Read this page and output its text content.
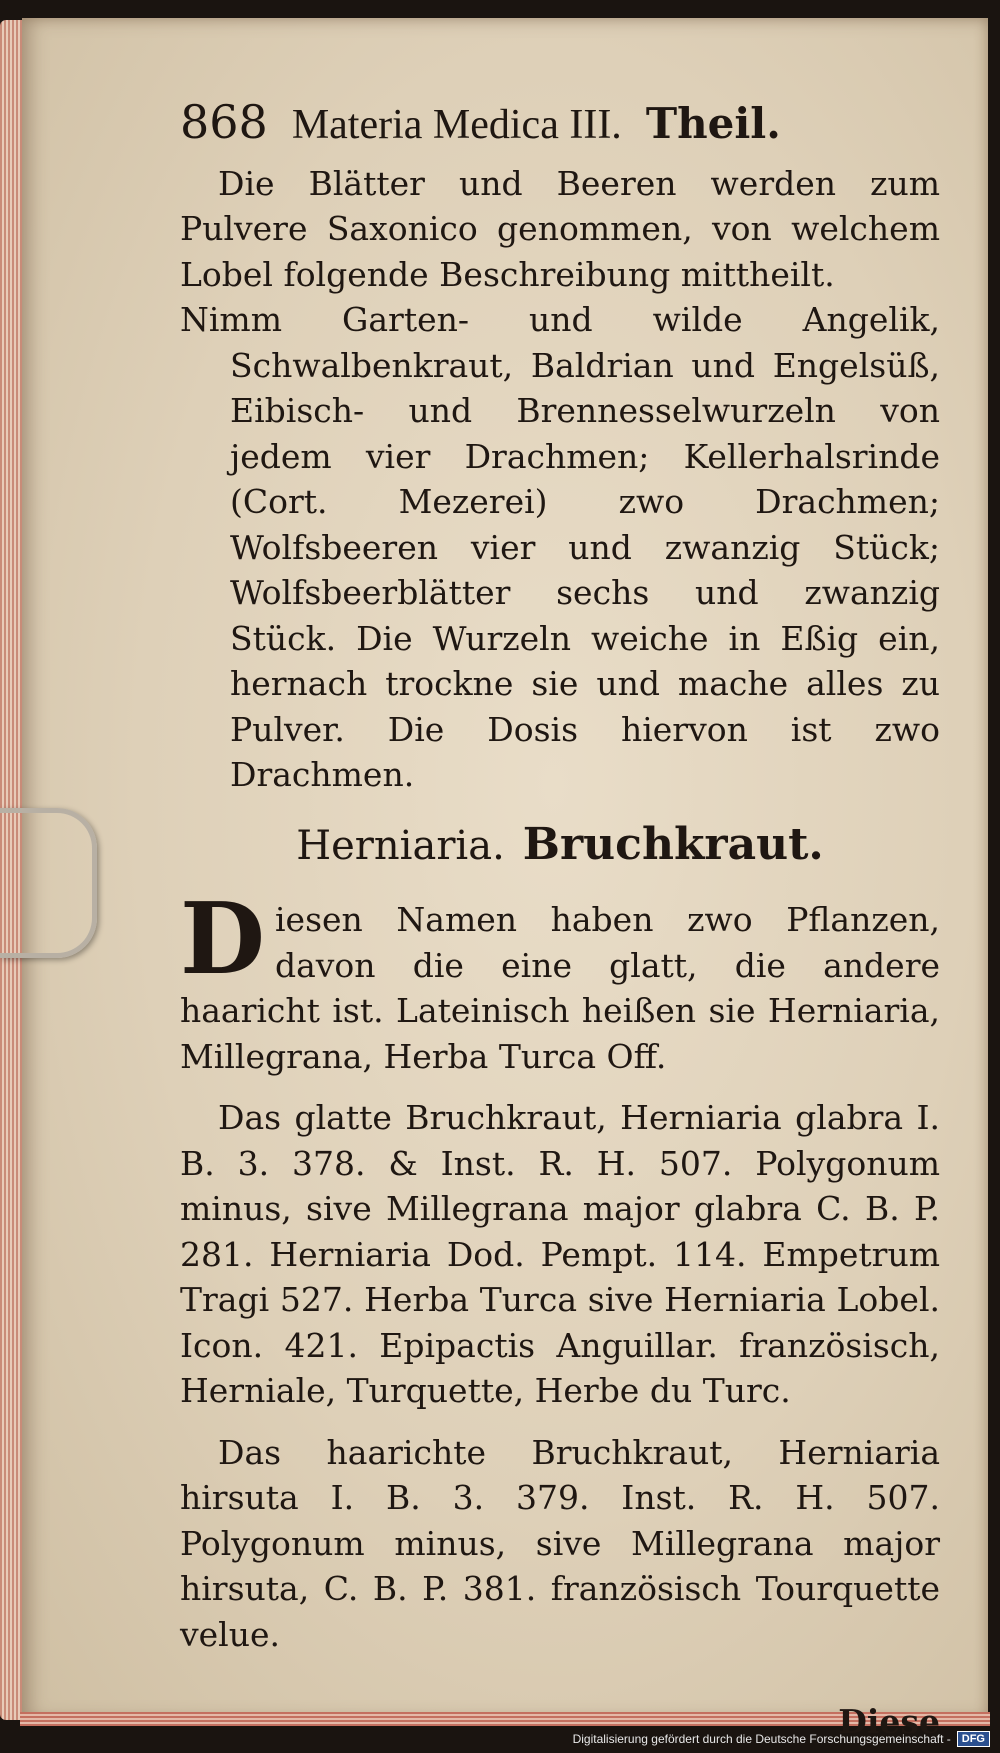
868 Materia Medica III. Theil.

Die Blätter und Beeren werden zum Pulvere Saxonico genommen, von welchem Lobel folgende Beschreibung mittheilt.

Nimm Garten- und wilde Angelik, Schwalbenkraut, Baldrian und Engelsüß, Eibisch- und Brennesselwurzeln von jedem vier Drachmen; Kellerhalsrinde (Cort. Mezerei) zwo Drachmen; Wolfsbeeren vier und zwanzig Stück; Wolfsbeerblätter sechs und zwanzig Stück. Die Wurzeln weiche in Eßig ein, hernach trockne sie und mache alles zu Pulver. Die Dosis hiervon ist zwo Drachmen.

Herniaria. Bruchkraut.

Diesen Namen haben zwo Pflanzen, davon die eine glatt, die andere haaricht ist. Lateinisch heißen sie Herniaria, Millegrana, Herba Turca Off.

Das glatte Bruchkraut, Herniaria glabra I. B. 3. 378. & Inst. R. H. 507. Polygonum minus, sive Millegrana major glabra C. B. P. 281. Herniaria Dod. Pempt. 114. Empetrum Tragi 527. Herba Turca sive Herniaria Lobel. Icon. 421. Epipactis Anguillar. französisch, Herniale, Turquette, Herbe du Turc.

Das haarichte Bruchkraut, Herniaria hirsuta I. B. 3. 379. Inst. R. H. 507. Polygonum minus, sive Millegrana major hirsuta, C. B. P. 381. französisch Tourquette velue.

Diese
Digitalisierung gefördert durch die Deutsche Forschungsgemeinschaft -	DFG
